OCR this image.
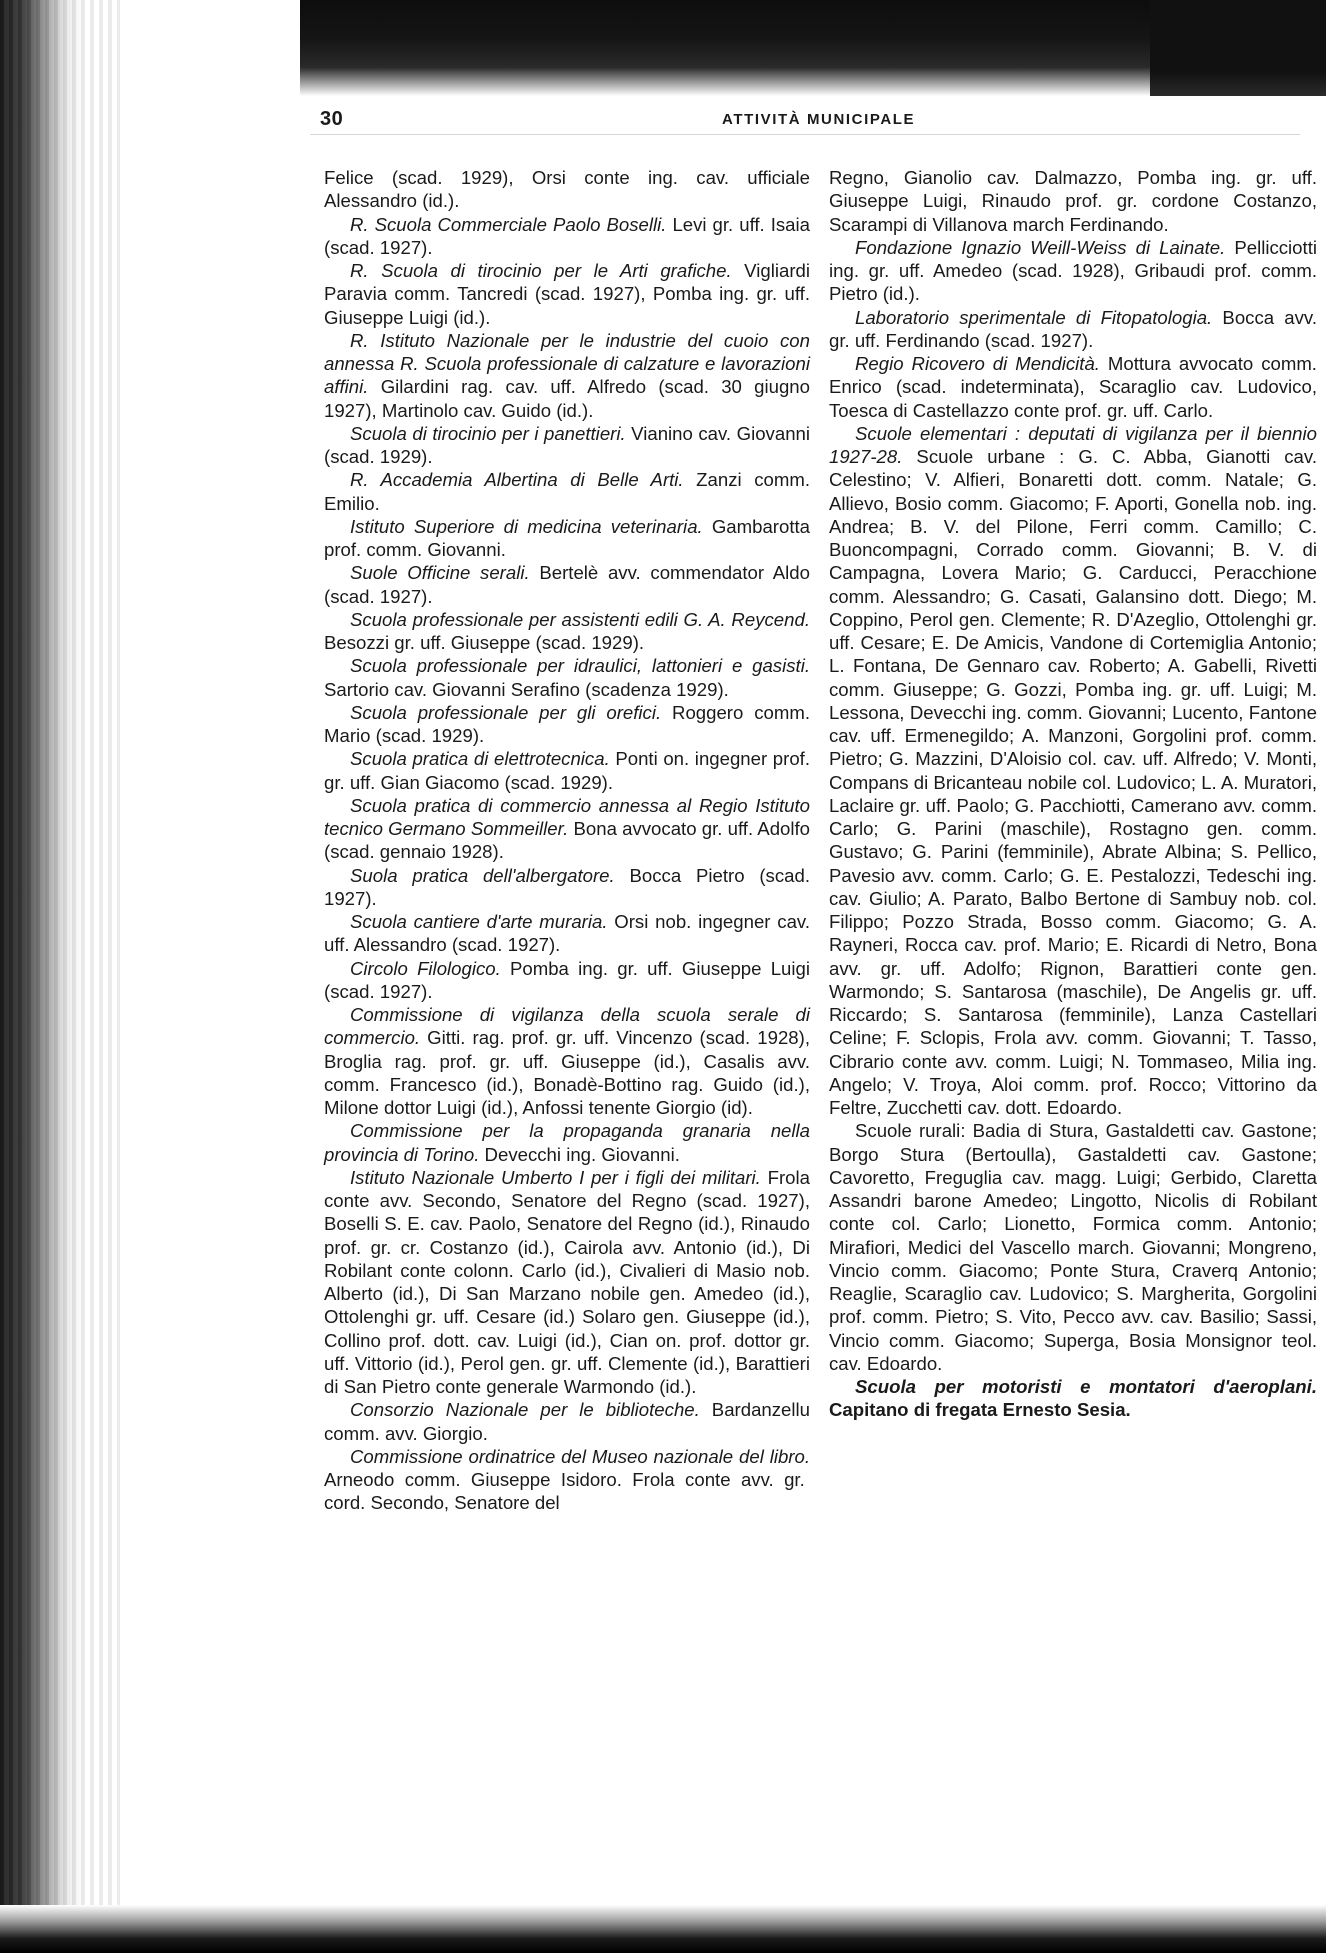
30	ATTIVITÀ MUNICIPALE

Felice (scad. 1929), Orsi conte ing. cav. ufficiale Alessandro (id.).

R. Scuola Commerciale Paolo Boselli. Levi gr. uff. Isaia (scad. 1927).

R. Scuola di tirocinio per le Arti grafiche. Vigliardi Paravia comm. Tancredi (scad. 1927), Pomba ing. gr. uff. Giuseppe Luigi (id.).

R. Istituto Nazionale per le industrie del cuoio con annessa R. Scuola professionale di calzature e lavorazioni affini. Gilardini rag. cav. uff. Alfredo (scad. 30 giugno 1927), Martinolo cav. Guido (id.).

Scuola di tirocinio per i panettieri. Vianino cav. Giovanni (scad. 1929).

R. Accademia Albertina di Belle Arti. Zanzi comm. Emilio.

Istituto Superiore di medicina veterinaria. Gambarotta prof. comm. Giovanni.

Suole Officine serali. Bertelè avv. commendator Aldo (scad. 1927).

Scuola professionale per assistenti edili G. A. Reycend. Besozzi gr. uff. Giuseppe (scad. 1929).

Scuola professionale per idraulici, lattonieri e gasisti. Sartorio cav. Giovanni Serafino (scadenza 1929).

Scuola professionale per gli orefici. Roggero comm. Mario (scad. 1929).

Scuola pratica di elettrotecnica. Ponti on. ingegner prof. gr. uff. Gian Giacomo (scad. 1929).

Scuola pratica di commercio annessa al Regio Istituto tecnico Germano Sommeiller. Bona avvocato gr. uff. Adolfo (scad. gennaio 1928).

Suola pratica dell'albergatore. Bocca Pietro (scad. 1927).

Scuola cantiere d'arte muraria. Orsi nob. ingegner cav. uff. Alessandro (scad. 1927).

Circolo Filologico. Pomba ing. gr. uff. Giuseppe Luigi (scad. 1927).

Commissione di vigilanza della scuola serale di commercio. Gitti. rag. prof. gr. uff. Vincenzo (scad. 1928), Broglia rag. prof. gr. uff. Giuseppe (id.), Casalis avv. comm. Francesco (id.), Bonadè-Bottino rag. Guido (id.), Milone dottor Luigi (id.), Anfossi tenente Giorgio (id).

Commissione per la propaganda granaria nella provincia di Torino. Devecchi ing. Giovanni.

Istituto Nazionale Umberto I per i figli dei militari. Frola conte avv. Secondo, Senatore del Regno (scad. 1927), Boselli S. E. cav. Paolo, Senatore del Regno (id.), Rinaudo prof. gr. cr. Costanzo (id.), Cairola avv. Antonio (id.), Di Robilant conte colonn. Carlo (id.), Civalieri di Masio nob. Alberto (id.), Di San Marzano nobile gen. Amedeo (id.), Ottolenghi gr. uff. Cesare (id.) Solaro gen. Giuseppe (id.), Collino prof. dott. cav. Luigi (id.), Cian on. prof. dottor gr. uff. Vittorio (id.), Perol gen. gr. uff. Clemente (id.), Barattieri di San Pietro conte generale Warmondo (id.).

Consorzio Nazionale per le biblioteche. Bardanzellu comm. avv. Giorgio.

Commissione ordinatrice del Museo nazionale del libro. Arneodo comm. Giuseppe Isidoro. Frola conte avv. gr. cord. Secondo, Senatore del

Regno, Gianolio cav. Dalmazzo, Pomba ing. gr. uff. Giuseppe Luigi, Rinaudo prof. gr. cordone Costanzo, Scarampi di Villanova march Ferdinando.

Fondazione Ignazio Weill-Weiss di Lainate. Pellicciotti ing. gr. uff. Amedeo (scad. 1928), Gribaudi prof. comm. Pietro (id.).

Laboratorio sperimentale di Fitopatologia. Bocca avv. gr. uff. Ferdinando (scad. 1927).

Regio Ricovero di Mendicità. Mottura avvocato comm. Enrico (scad. indeterminata), Scaraglio cav. Ludovico, Toesca di Castellazzo conte prof. gr. uff. Carlo.

Scuole elementari : deputati di vigilanza per il biennio 1927-28. Scuole urbane : G. C. Abba, Gianotti cav. Celestino; V. Alfieri, Bonaretti dott. comm. Natale; G. Allievo, Bosio comm. Giacomo; F. Aporti, Gonella nob. ing. Andrea; B. V. del Pilone, Ferri comm. Camillo; C. Buoncompagni, Corrado comm. Giovanni; B. V. di Campagna, Lovera Mario; G. Carducci, Peracchione comm. Alessandro; G. Casati, Galansino dott. Diego; M. Coppino, Perol gen. Clemente; R. D'Azeglio, Ottolenghi gr. uff. Cesare; E. De Amicis, Vandone di Cortemiglia Antonio; L. Fontana, De Gennaro cav. Roberto; A. Gabelli, Rivetti comm. Giuseppe; G. Gozzi, Pomba ing. gr. uff. Luigi; M. Lessona, Devecchi ing. comm. Giovanni; Lucento, Fantone cav. uff. Ermenegildo; A. Manzoni, Gorgolini prof. comm. Pietro; G. Mazzini, D'Aloisio col. cav. uff. Alfredo; V. Monti, Compans di Bricanteau nobile col. Ludovico; L. A. Muratori, Laclaire gr. uff. Paolo; G. Pacchiotti, Camerano avv. comm. Carlo; G. Parini (maschile), Rostagno gen. comm. Gustavo; G. Parini (femminile), Abrate Albina; S. Pellico, Pavesio avv. comm. Carlo; G. E. Pestalozzi, Tedeschi ing. cav. Giulio; A. Parato, Balbo Bertone di Sambuy nob. col. Filippo; Pozzo Strada, Bosso comm. Giacomo; G. A. Rayneri, Rocca cav. prof. Mario; E. Ricardi di Netro, Bona avv. gr. uff. Adolfo; Rignon, Barattieri conte gen. Warmondo; S. Santarosa (maschile), De Angelis gr. uff. Riccardo; S. Santarosa (femminile), Lanza Castellari Celine; F. Sclopis, Frola avv. comm. Giovanni; T. Tasso, Cibrario conte avv. comm. Luigi; N. Tommaseo, Milia ing. Angelo; V. Troya, Aloi comm. prof. Rocco; Vittorino da Feltre, Zucchetti cav. dott. Edoardo.

Scuole rurali: Badia di Stura, Gastaldetti cav. Gastone; Borgo Stura (Bertoulla), Gastaldetti cav. Gastone; Cavoretto, Freguglia cav. magg. Luigi; Gerbido, Claretta Assandri barone Amedeo; Lingotto, Nicolis di Robilant conte col. Carlo; Lionetto, Formica comm. Antonio; Mirafiori, Medici del Vascello march. Giovanni; Mongreno, Vincio comm. Giacomo; Ponte Stura, Craverq Antonio; Reaglie, Scaraglio cav. Ludovico; S. Margherita, Gorgolini prof. comm. Pietro; S. Vito, Pecco avv. cav. Basilio; Sassi, Vincio comm. Giacomo; Superga, Bosia Monsignor teol. cav. Edoardo.

Scuola per motoristi e montatori d'aeroplani. Capitano di fregata Ernesto Sesia.
